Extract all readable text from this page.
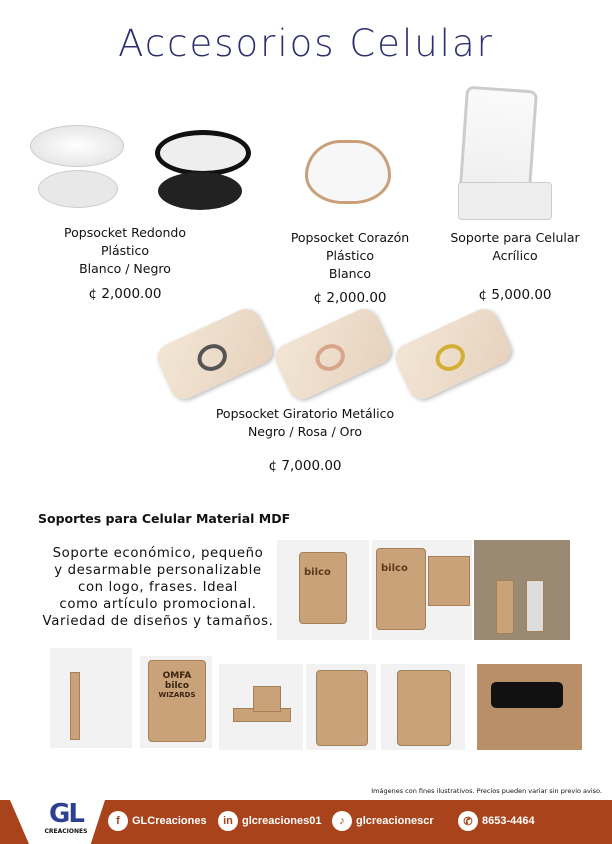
Accesorios Celular
Popsocket Redondo
Plástico
Blanco / Negro
¢ 2,000.00
Popsocket Corazón
Plástico
Blanco
¢ 2,000.00
Soporte para Celular
Acrílico
¢ 5,000.00
Popsocket Giratorio Metálico
Negro / Rosa / Oro
¢ 7,000.00
Soportes para Celular Material MDF
Soporte económico, pequeño
y desarmable personalizable
con logo, frases. Ideal
como artículo promocional.
Variedad de diseños y tamaños.
bilco	bilco
OMFA
bilco
WIZARDS
Imágenes con fines ilustrativos. Precios pueden variar sin previo aviso.
GL
CREACIONES
f	GLCreaciones	in glcreaciones01	♪	glcreacionescr	✆ 8653-4464
